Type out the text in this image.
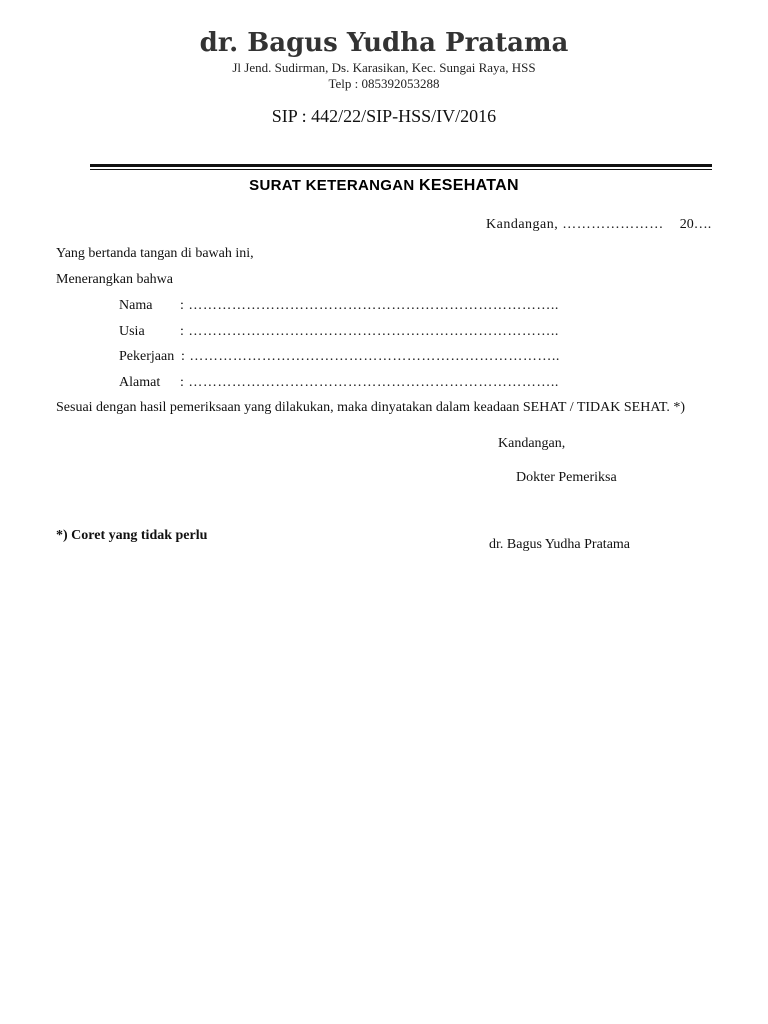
dr. Bagus Yudha Pratama
Jl Jend. Sudirman, Ds. Karasikan, Kec. Sungai Raya, HSS
Telp : 085392053288
SIP : 442/22/SIP-HSS/IV/2016
SURAT KETERANGAN KESEHATAN
Kandangan, ………………… 20….
Yang bertanda tangan di bawah ini,
Menerangkan bahwa
Nama : …………………………………………………………………..
Usia	: …………………………………………………………………..
Pekerjaan : …………………………………………………………………..
Alamat : …………………………………………………………………..
Sesuai dengan hasil pemeriksaan yang dilakukan, maka dinyatakan dalam keadaan SEHAT / TIDAK SEHAT. *)
Kandangan,
Dokter Pemeriksa
*) Coret yang tidak perlu
dr. Bagus Yudha Pratama
